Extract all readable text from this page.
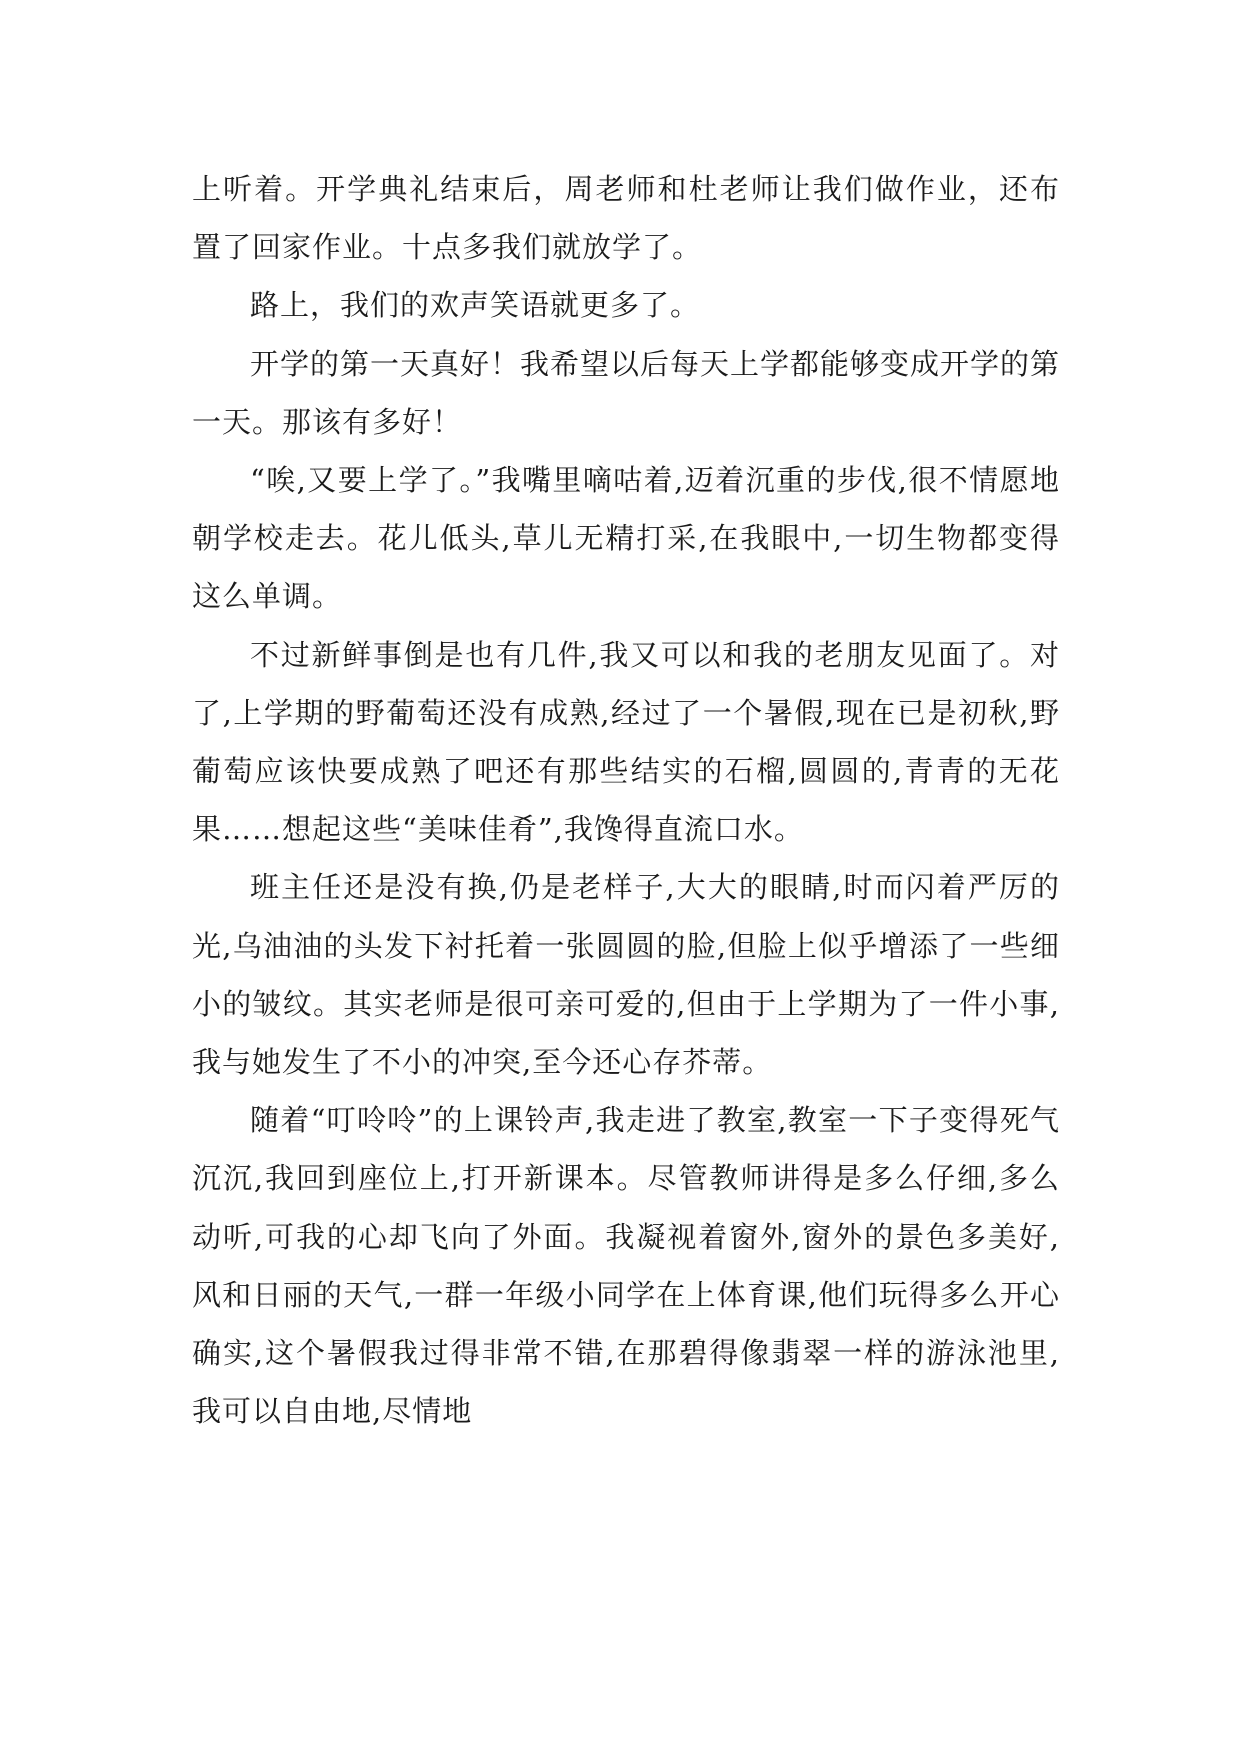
上听着。开学典礼结束后，周老师和杜老师让我们做作业，还布置了回家作业。十点多我们就放学了。

路上，我们的欢声笑语就更多了。

开学的第一天真好！我希望以后每天上学都能够变成开学的第一天。那该有多好！

“唉,又要上学了。”我嘴里嘀咕着,迈着沉重的步伐,很不情愿地朝学校走去。花儿低头,草儿无精打采,在我眼中,一切生物都变得这么单调。

不过新鲜事倒是也有几件,我又可以和我的老朋友见面了。对了,上学期的野葡萄还没有成熟,经过了一个暑假,现在已是初秋,野葡萄应该快要成熟了吧还有那些结实的石榴,圆圆的,青青的无花果……想起这些“美味佳肴”,我馋得直流口水。

班主任还是没有换,仍是老样子,大大的眼睛,时而闪着严厉的光,乌油油的头发下衬托着一张圆圆的脸,但脸上似乎增添了一些细小的皱纹。其实老师是很可亲可爱的,但由于上学期为了一件小事,我与她发生了不小的冲突,至今还心存芥蒂。

随着“叮呤呤”的上课铃声,我走进了教室,教室一下子变得死气沉沉,我回到座位上,打开新课本。尽管教师讲得是多么仔细,多么动听,可我的心却飞向了外面。我凝视着窗外,窗外的景色多美好,风和日丽的天气,一群一年级小同学在上体育课,他们玩得多么开心确实,这个暑假我过得非常不错,在那碧得像翡翠一样的游泳池里,我可以自由地,尽情地
